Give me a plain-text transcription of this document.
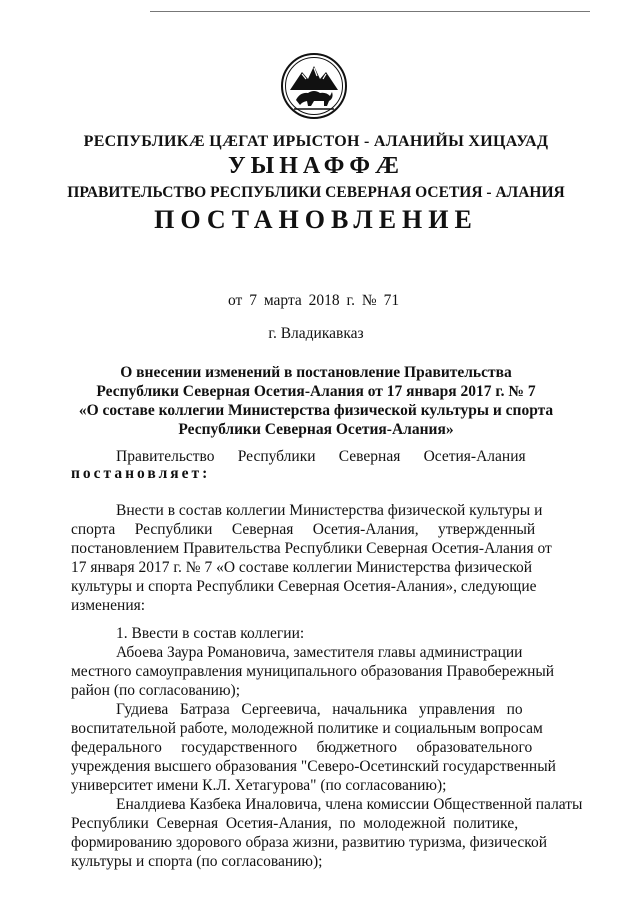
РЕСПУБЛИКӔ ЦӔГАТ ИРЫСТОН - АЛАНИЙЫ ХИЦАУАД
УЫНАФФӔ
ПРАВИТЕЛЬСТВО РЕСПУБЛИКИ СЕВЕРНАЯ ОСЕТИЯ - АЛАНИЯ
ПОСТАНОВЛЕНИЕ
от 7 марта 2018 г. № 71
г. Владикавказ
О внесении изменений в постановление Правительства
Республики Северная Осетия-Алания от 17 января 2017 г. № 7
«О составе коллегии Министерства физической культуры и спорта
Республики Северная Осетия-Алания»
Правительство      Республики      Северная      Осетия-Алания
постановляет:
Внести в состав коллегии Министерства физической культуры и
спорта     Республики     Северная     Осетия-Алания,     утвержденный
постановлением Правительства Республики Северная Осетия-Алания от
17 января 2017 г. № 7 «О составе коллегии Министерства физической
культуры и спорта Республики Северная Осетия-Алания», следующие
изменения:
1. Ввести в состав коллегии:
Абоева Заура Романовича, заместителя главы администрации
местного самоуправления муниципального образования Правобережный
район (по согласованию);
Гудиева   Батраза   Сергеевича,   начальника   управления   по
воспитательной работе, молодежной политике и социальным вопросам
федерального     государственного     бюджетного     образовательного
учреждения высшего образования "Северо-Осетинский государственный
университет имени К.Л. Хетагурова" (по согласованию);
Еналдиева Казбека Иналовича, члена комиссии Общественной палаты
Республики  Северная  Осетия-Алания,  по  молодежной  политике,
формированию здорового образа жизни, развитию туризма, физической
культуры и спорта (по согласованию);
